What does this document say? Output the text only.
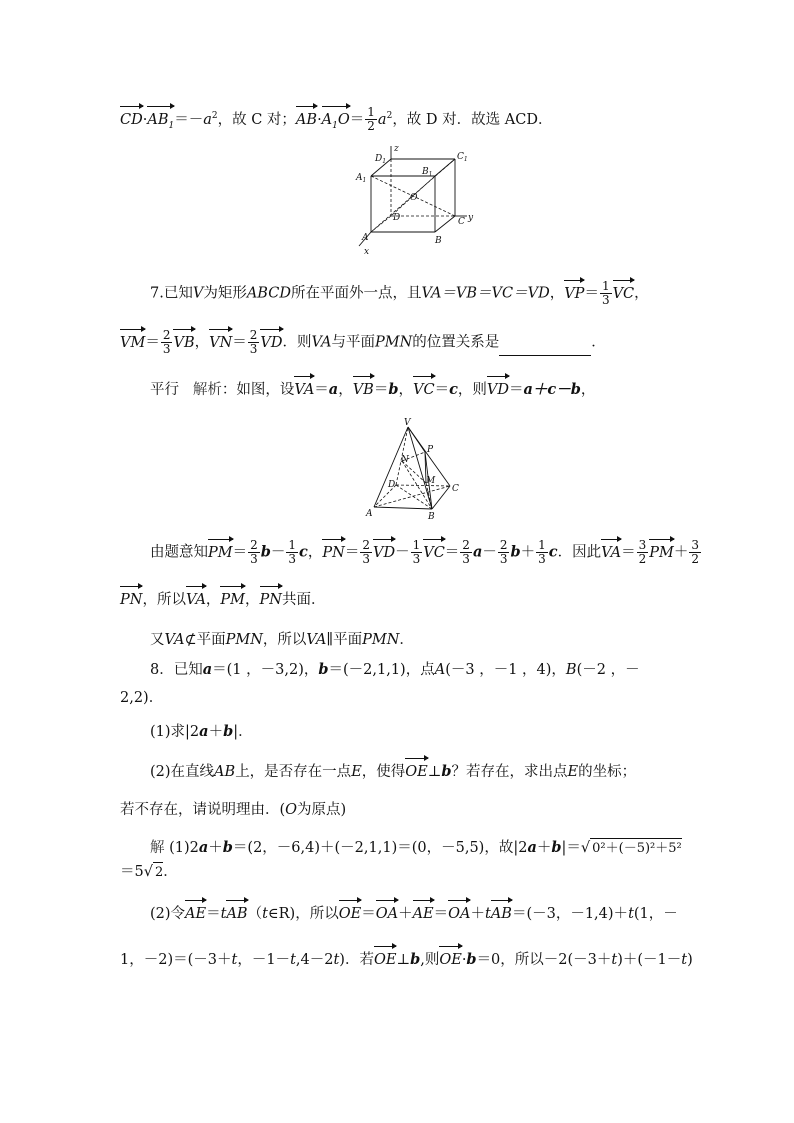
$CD\cdot AB_1=-a^2$，故 C 对；$AB\cdot A_1O= \frac{1}{2} a^2$，故 D 对．故选 ACD．
$D_1$
z
$C_1$
$A_1$
$B_1$
O
D	C y
A	B
x
7.已知V为矩形ABCD所在平面外一点，且VA＝VB＝VC＝VD，$VP= \frac{1}{3}$ VC，
$VM= \frac{2}{3}$ VB，$VN= \frac{2}{3}$ VD．则VA与平面PMN的位置关系是	．
平行 解析：如图，设VA＝a，VB＝b，VC＝c，则VD＝a＋c－b，
V
P
N
M
C
D
A	B
由题意知$PM= \frac{2}{3} b- \frac{1}{3}$ c，$PN= \frac{2}{3} VD- \frac{1}{3} VC= \frac{2}{3} a- \frac{2}{3} b+ \frac{1}{3}$ c．因此$VA= \frac{3}{2} PM+ \frac{3}{2}$
PN，所以VA，PM，PN共面．
又VA⊄平面PMN，所以VA∥平面PMN．
8．已知a＝(1 ，－3,2)，b＝(－2,1,1)，点A(－3 ，－1 ，4)，B(－2 ，－
2,2)．
(1)求|2a＋b|．
(2)在直线AB上，是否存在一点E，使得OE⊥b？若存在，求出点E的坐标；
若不存在，请说明理由．(O为原点)
解 (1)2a＋b＝(2，－6,4)＋(－2,1,1)＝(0，－5,5)，故|2a＋b|＝√ 0²＋(－5)²＋5²
＝5√ 2．
(2)令AE＝tAB（t∈R)，所以OE＝OA＋AE＝OA＋tAB＝(－3，－1,4)＋t(1，－
1，－2)＝(－3＋t，－1－t,4－2t)．若OE⊥b,则OE·b＝0，所以－2(－3＋t)＋(－1－t)
